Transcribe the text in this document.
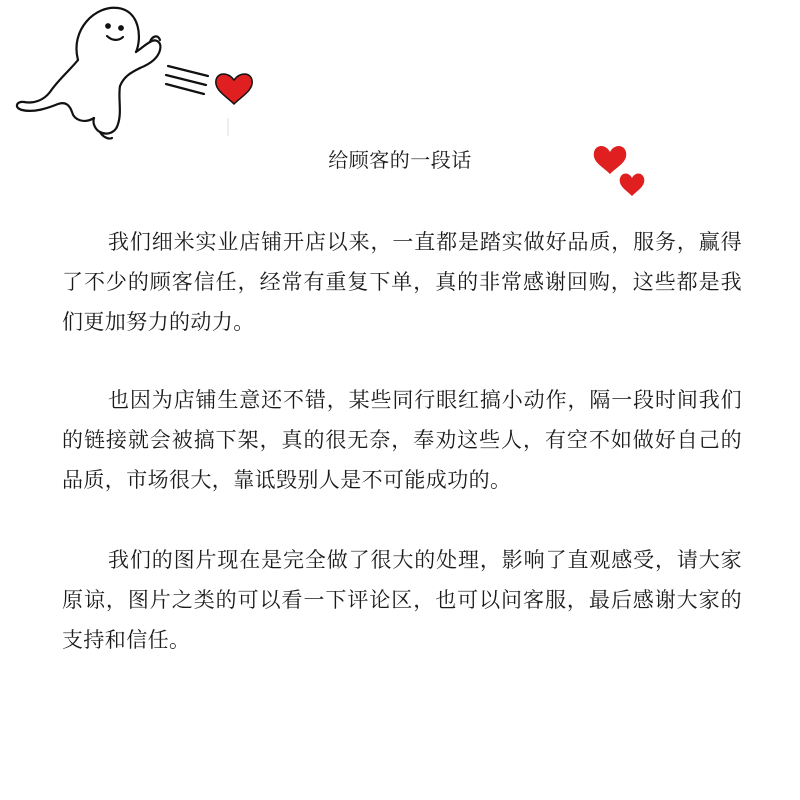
给顾客的一段话

我们细米实业店铺开店以来，一直都是踏实做好品质，服务，赢得了不少的顾客信任，经常有重复下单，真的非常感谢回购，这些都是我们更加努力的动力。

也因为店铺生意还不错，某些同行眼红搞小动作，隔一段时间我们的链接就会被搞下架，真的很无奈，奉劝这些人，有空不如做好自己的品质，市场很大，靠诋毁别人是不可能成功的。

我们的图片现在是完全做了很大的处理，影响了直观感受，请大家原谅，图片之类的可以看一下评论区，也可以问客服，最后感谢大家的支持和信任。
